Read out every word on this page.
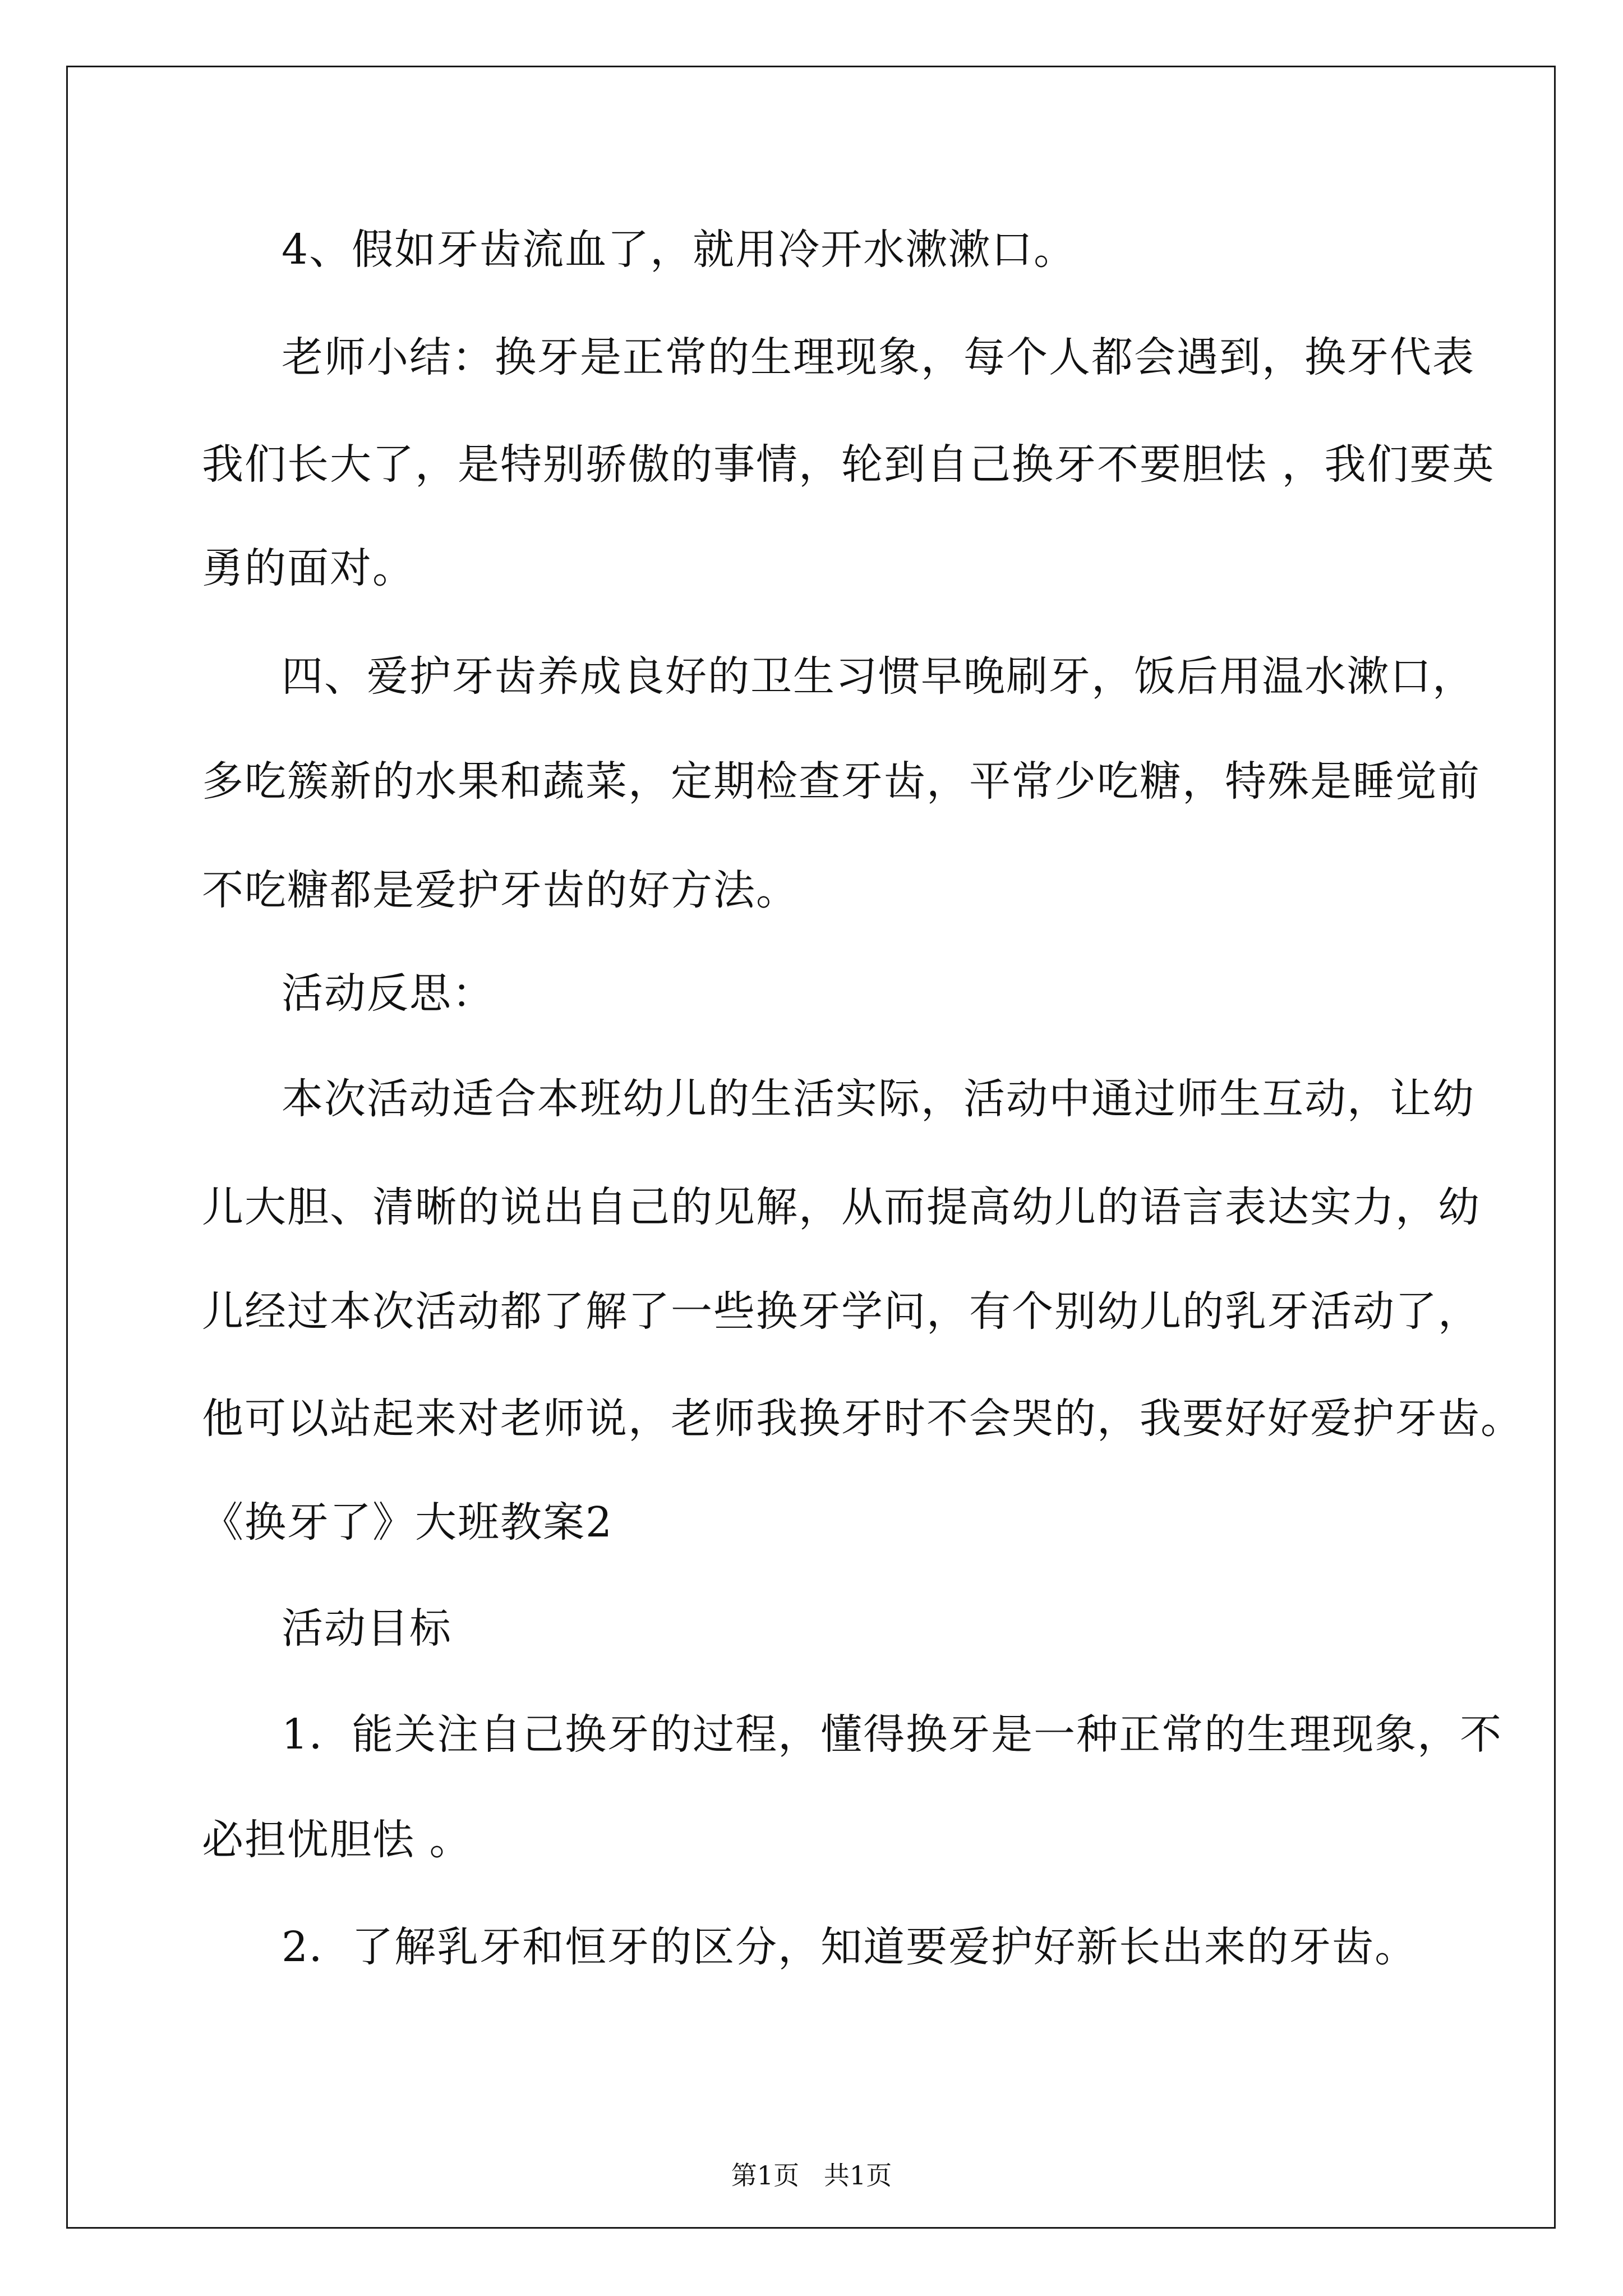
4、假如牙齿流血了，就用冷开水漱漱口。
老师小结：换牙是正常的生理现象，每个人都会遇到，换牙代表
我们长大了，是特别骄傲的事情，轮到自己换牙不要胆怯 ，我们要英
勇的面对。
四、爱护牙齿养成良好的卫生习惯早晚刷牙，饭后用温水漱口，
多吃簇新的水果和蔬菜，定期检查牙齿，平常少吃糖，特殊是睡觉前
不吃糖都是爱护牙齿的好方法。
活动反思：
本次活动适合本班幼儿的生活实际，活动中通过师生互动，让幼
儿大胆、清晰的说出自己的见解，从而提高幼儿的语言表达实力，幼
儿经过本次活动都了解了一些换牙学问，有个别幼儿的乳牙活动了，
他可以站起来对老师说，老师我换牙时不会哭的，我要好好爱护牙齿。
《换牙了》大班教案2
活动目标
1．能关注自己换牙的过程，懂得换牙是一种正常的生理现象，不
必担忧胆怯 。
2．了解乳牙和恒牙的区分，知道要爱护好新长出来的牙齿。
第1页   共1页
